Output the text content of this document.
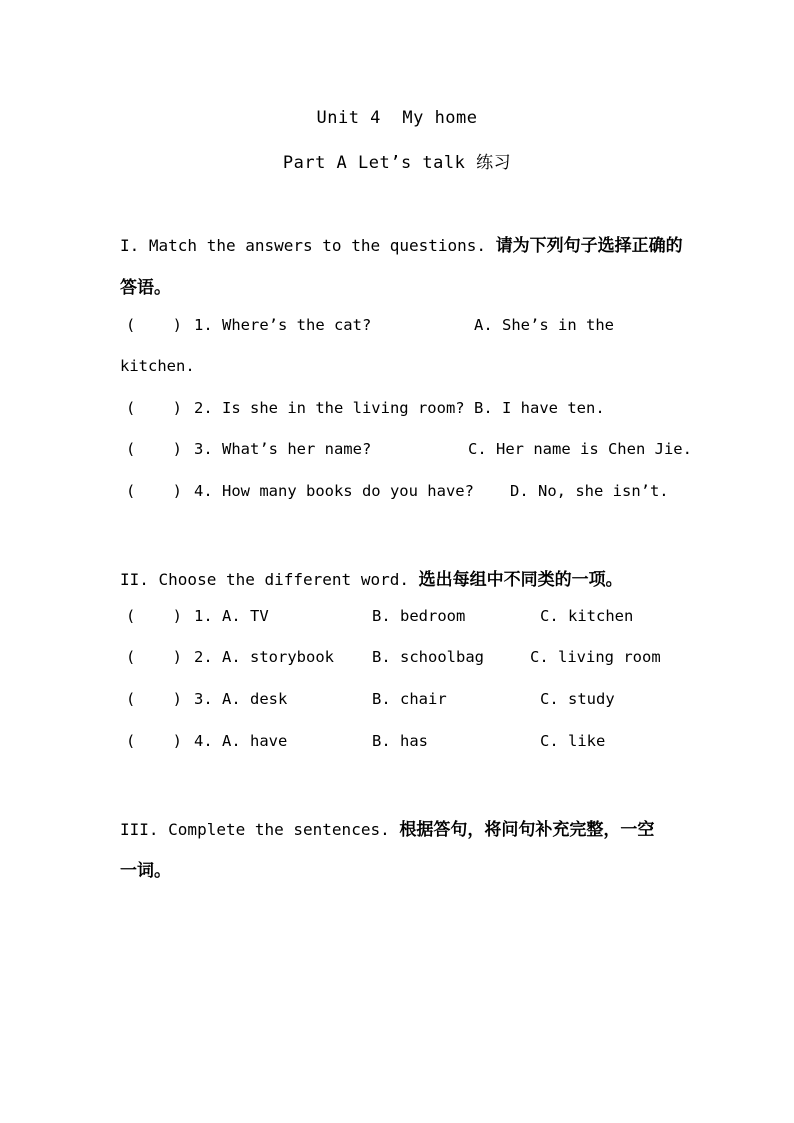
Unit 4  My home
Part A Let’s talk 练习
I. Match the answers to the questions. 请为下列句子选择正确的
答语。
(    ) 1. Where’s the cat?	A. She’s in the
kitchen.
(    ) 2. Is she in the living room? B. I have ten.
(    ) 3. What’s her name?	C. Her name is Chen Jie.
(    ) 4. How many books do you have? D. No, she isn’t.
II. Choose the different word. 选出每组中不同类的一项。
(    ) 1. A. TV	B. bedroom	C. kitchen
(    ) 2. A. storybook B. schoolbag	C. living room
(    ) 3. A. desk	B. chair	C. study
(    ) 4. A. have	B. has	C. like
III. Complete the sentences. 根据答句，将问句补充完整，一空
一词。
